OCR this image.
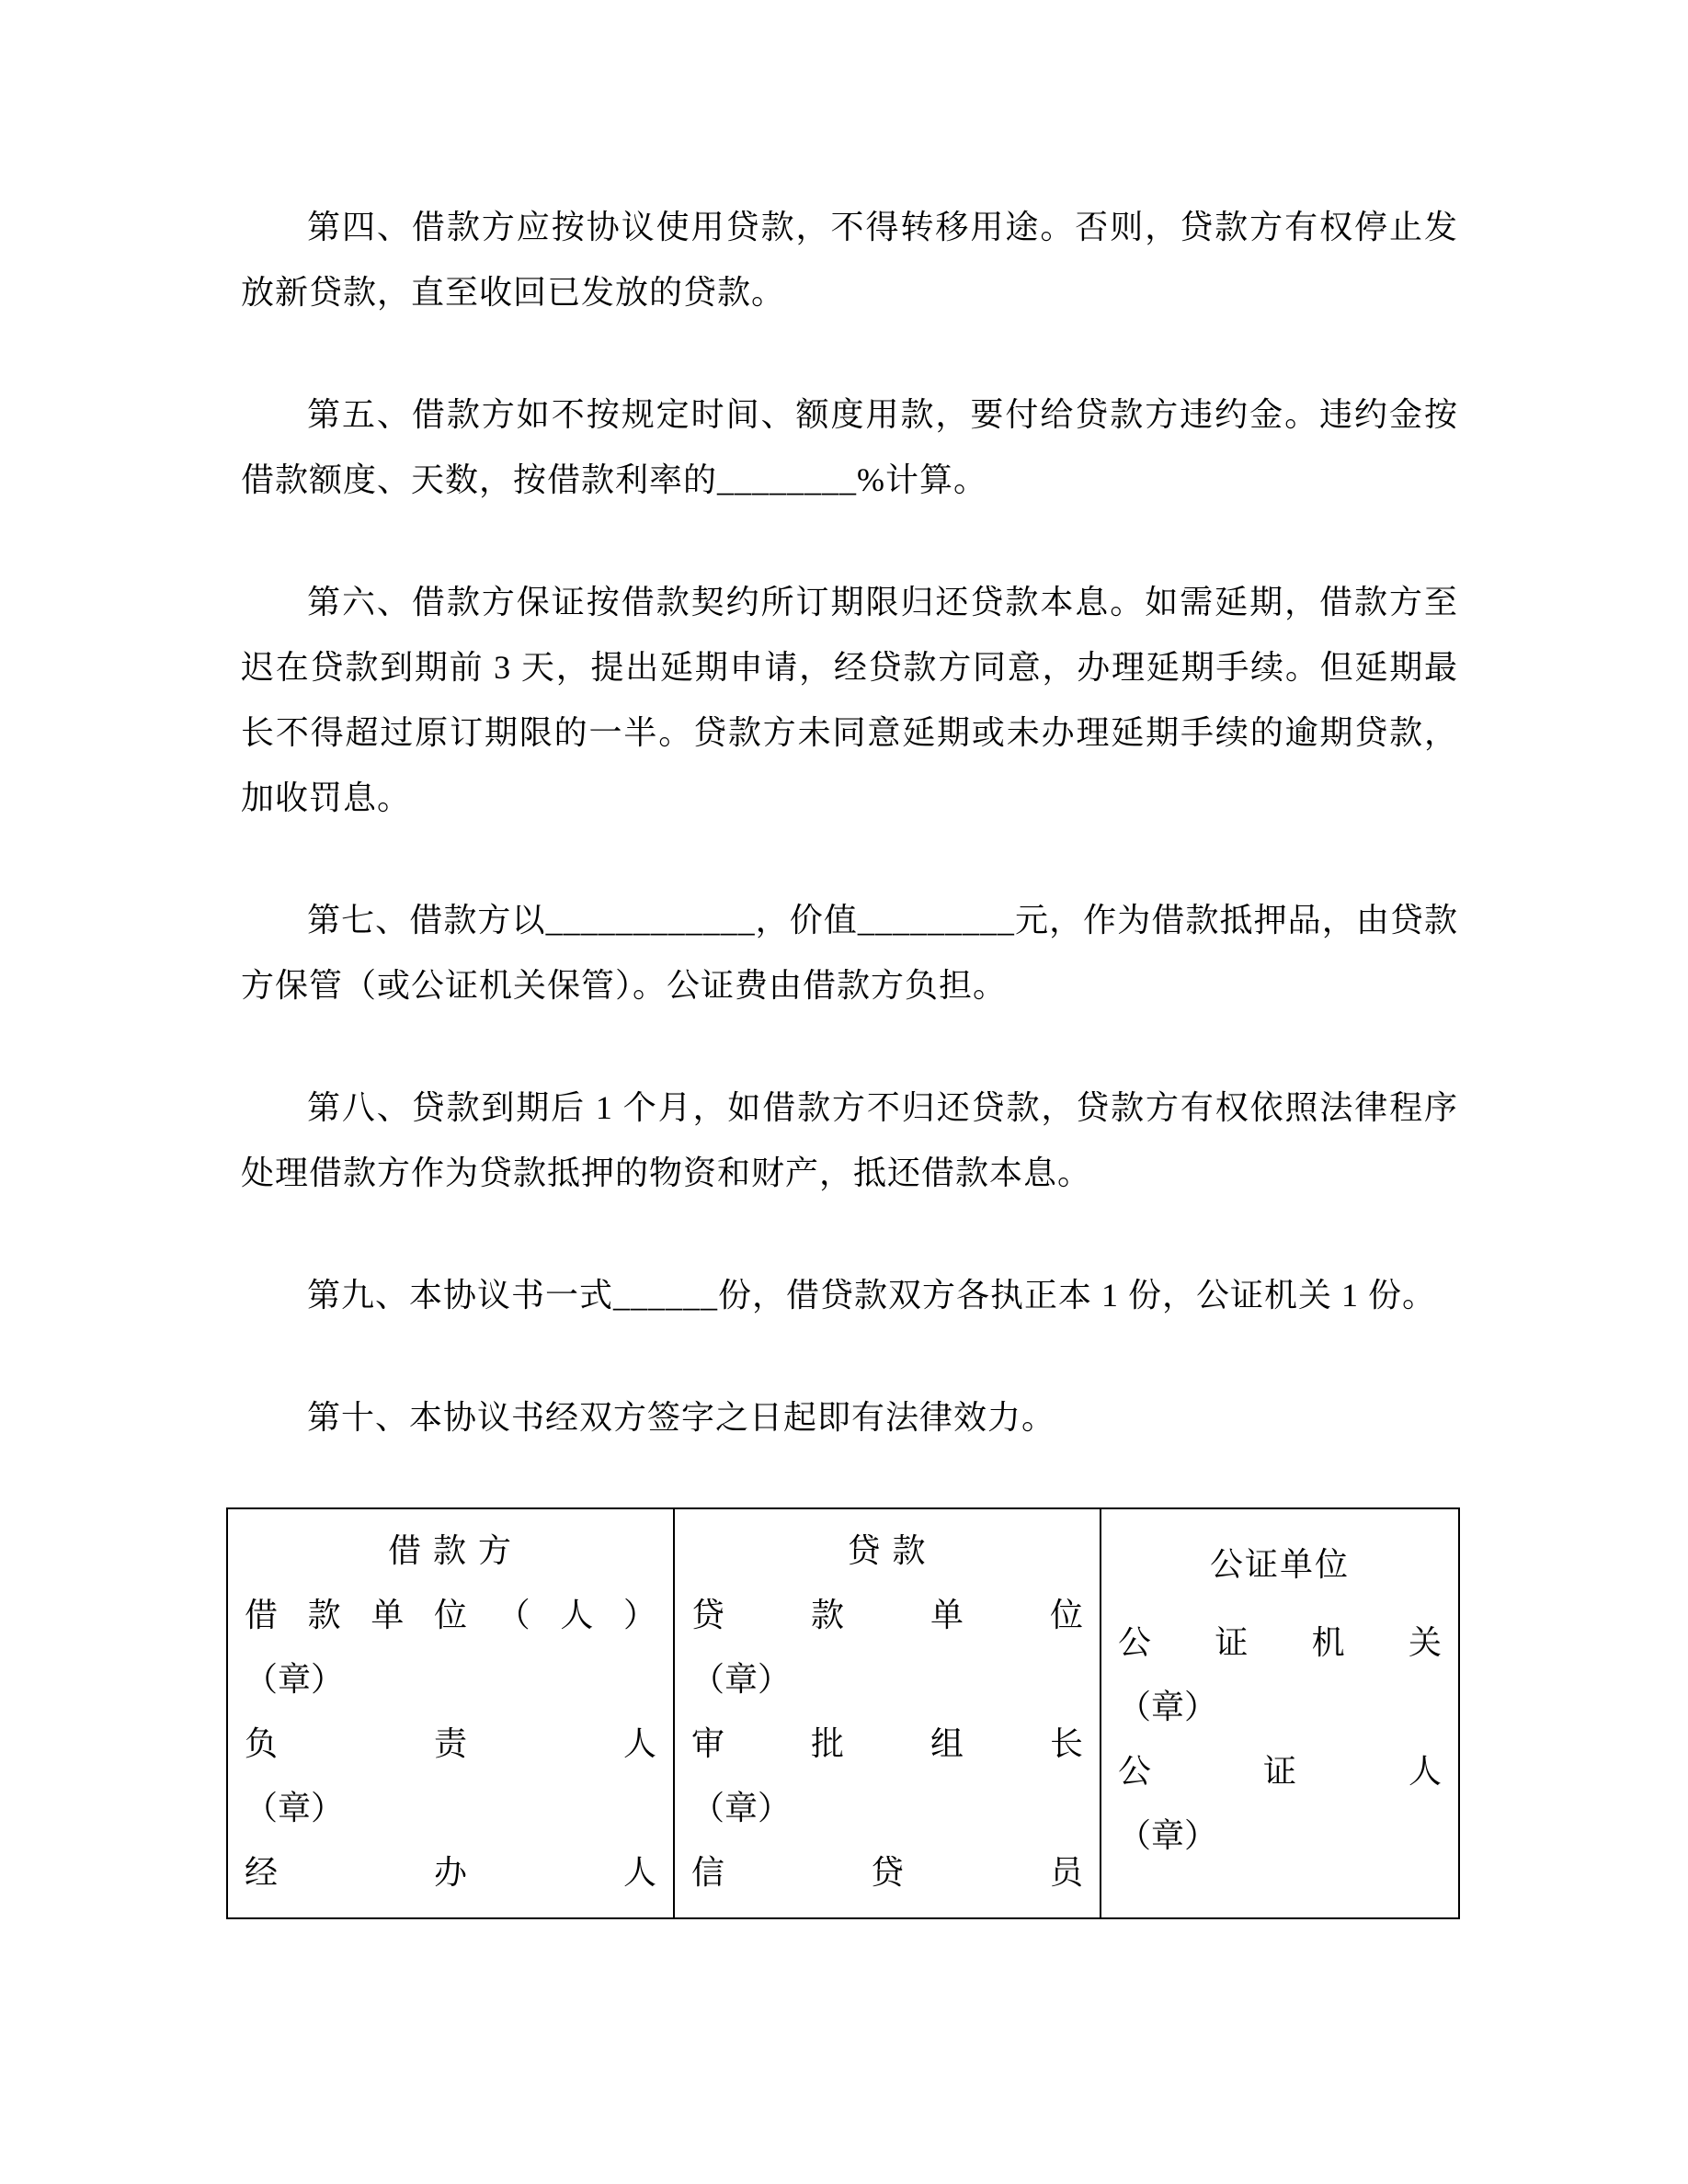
第四、借款方应按协议使用贷款，不得转移用途。否则，贷款方有权停止发放新贷款，直至收回已发放的贷款。

第五、借款方如不按规定时间、额度用款，要付给贷款方违约金。违约金按借款额度、天数，按借款利率的________%计算。

第六、借款方保证按借款契约所订期限归还贷款本息。如需延期，借款方至迟在贷款到期前 3 天，提出延期申请，经贷款方同意，办理延期手续。但延期最长不得超过原订期限的一半。贷款方未同意延期或未办理延期手续的逾期贷款，加收罚息。

第七、借款方以____________，价值_________元，作为借款抵押品，由贷款方保管（或公证机关保管）。公证费由借款方负担。

第八、贷款到期后 1 个月，如借款方不归还贷款，贷款方有权依照法律程序处理借款方作为贷款抵押的物资和财产，抵还借款本息。

第九、本协议书一式______份，借贷款双方各执正本 1 份，公证机关 1 份。

第十、本协议书经双方签字之日起即有法律效力。

借 款 方
借 款 单 位 （ 人 ）
（章）
负 责 人
（章）
经 办 人
贷 款
贷 款 单 位
（章）
审 批 组 长
（章）
信 贷 员
公证单位
公 证 机 关
（章）
公 证 人
（章）
